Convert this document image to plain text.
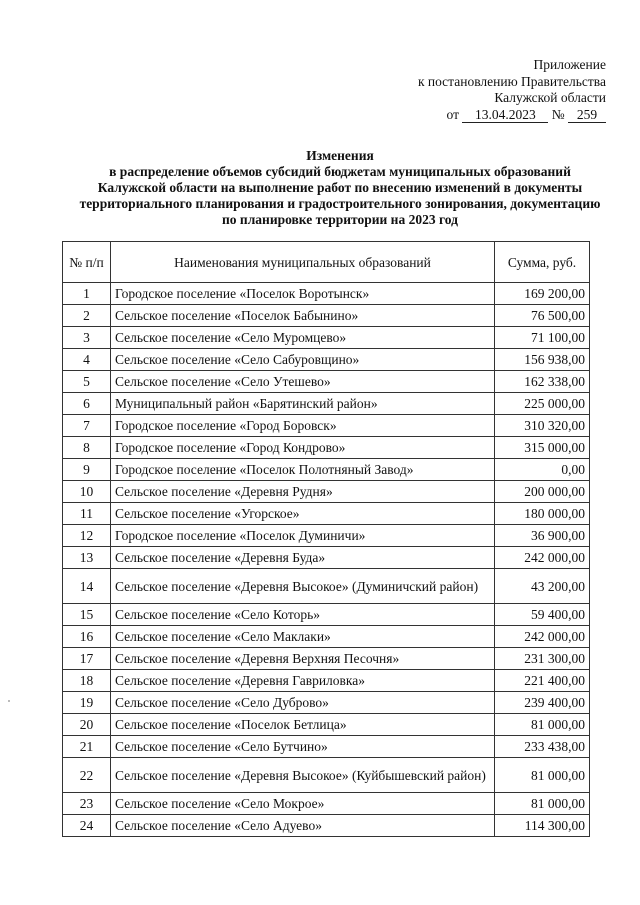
Приложение
к постановлению Правительства
Калужской области
от 13.04.2023 № 259
Изменения
в распределение объемов субсидий бюджетам муниципальных образований
Калужской области на выполнение работ по внесению изменений в документы
территориального планирования и градостроительного зонирования, документацию
по планировке территории на 2023 год
№ п/п	Наименования муниципальных образований	Сумма, руб.
1	Городское поселение «Поселок Воротынск»	169 200,00
2	Сельское поселение «Поселок Бабынино»	76 500,00
3	Сельское поселение «Село Муромцево»	71 100,00
4	Сельское поселение «Село Сабуровщино»	156 938,00
5	Сельское поселение «Село Утешево»	162 338,00
6	Муниципальный район «Барятинский район»	225 000,00
7	Городское поселение «Город Боровск»	310 320,00
8	Городское поселение «Город Кондрово»	315 000,00
9	Городское поселение «Поселок Полотняный Завод»	0,00
10	Сельское поселение «Деревня Рудня»	200 000,00
11	Сельское поселение «Угорское»	180 000,00
12	Городское поселение «Поселок Думиничи»	36 900,00
13	Сельское поселение «Деревня Буда»	242 000,00
14	Сельское поселение «Деревня Высокое» (Думиничский район)	43 200,00
15	Сельское поселение «Село Которь»	59 400,00
16	Сельское поселение «Село Маклаки»	242 000,00
17	Сельское поселение «Деревня Верхняя Песочня»	231 300,00
18	Сельское поселение «Деревня Гавриловка»	221 400,00
19	Сельское поселение «Село Дуброво»	239 400,00
20	Сельское поселение «Поселок Бетлица»	81 000,00
21	Сельское поселение «Село Бутчино»	233 438,00
22	Сельское поселение «Деревня Высокое» (Куйбышевский район)	81 000,00
23	Сельское поселение «Село Мокрое»	81 000,00
24	Сельское поселение «Село Адуево»	114 300,00
